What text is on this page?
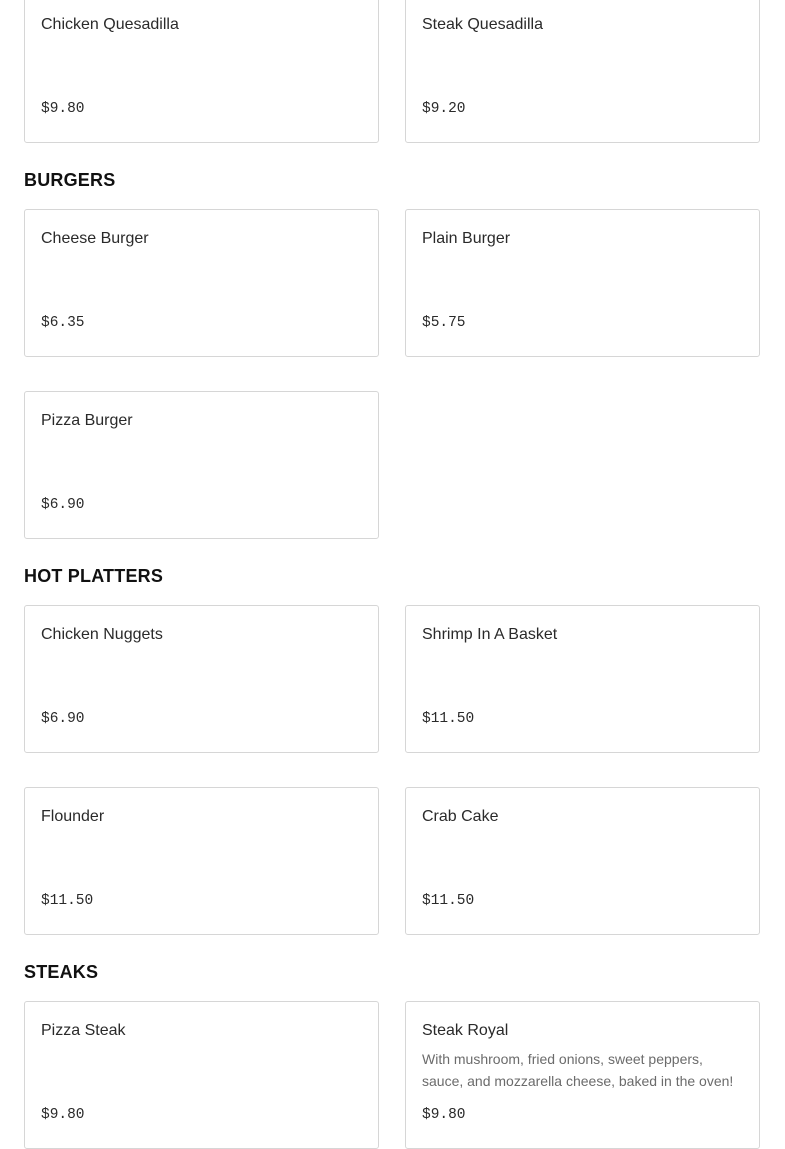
Chicken Quesadilla
$9.80
Steak Quesadilla
$9.20
BURGERS
Cheese Burger
$6.35
Plain Burger
$5.75
Pizza Burger
$6.90
HOT PLATTERS
Chicken Nuggets
$6.90
Shrimp In A Basket
$11.50
Flounder
$11.50
Crab Cake
$11.50
STEAKS
Pizza Steak
$9.80
Steak Royal
With mushroom, fried onions, sweet peppers, sauce, and mozzarella cheese, baked in the oven!
$9.80
